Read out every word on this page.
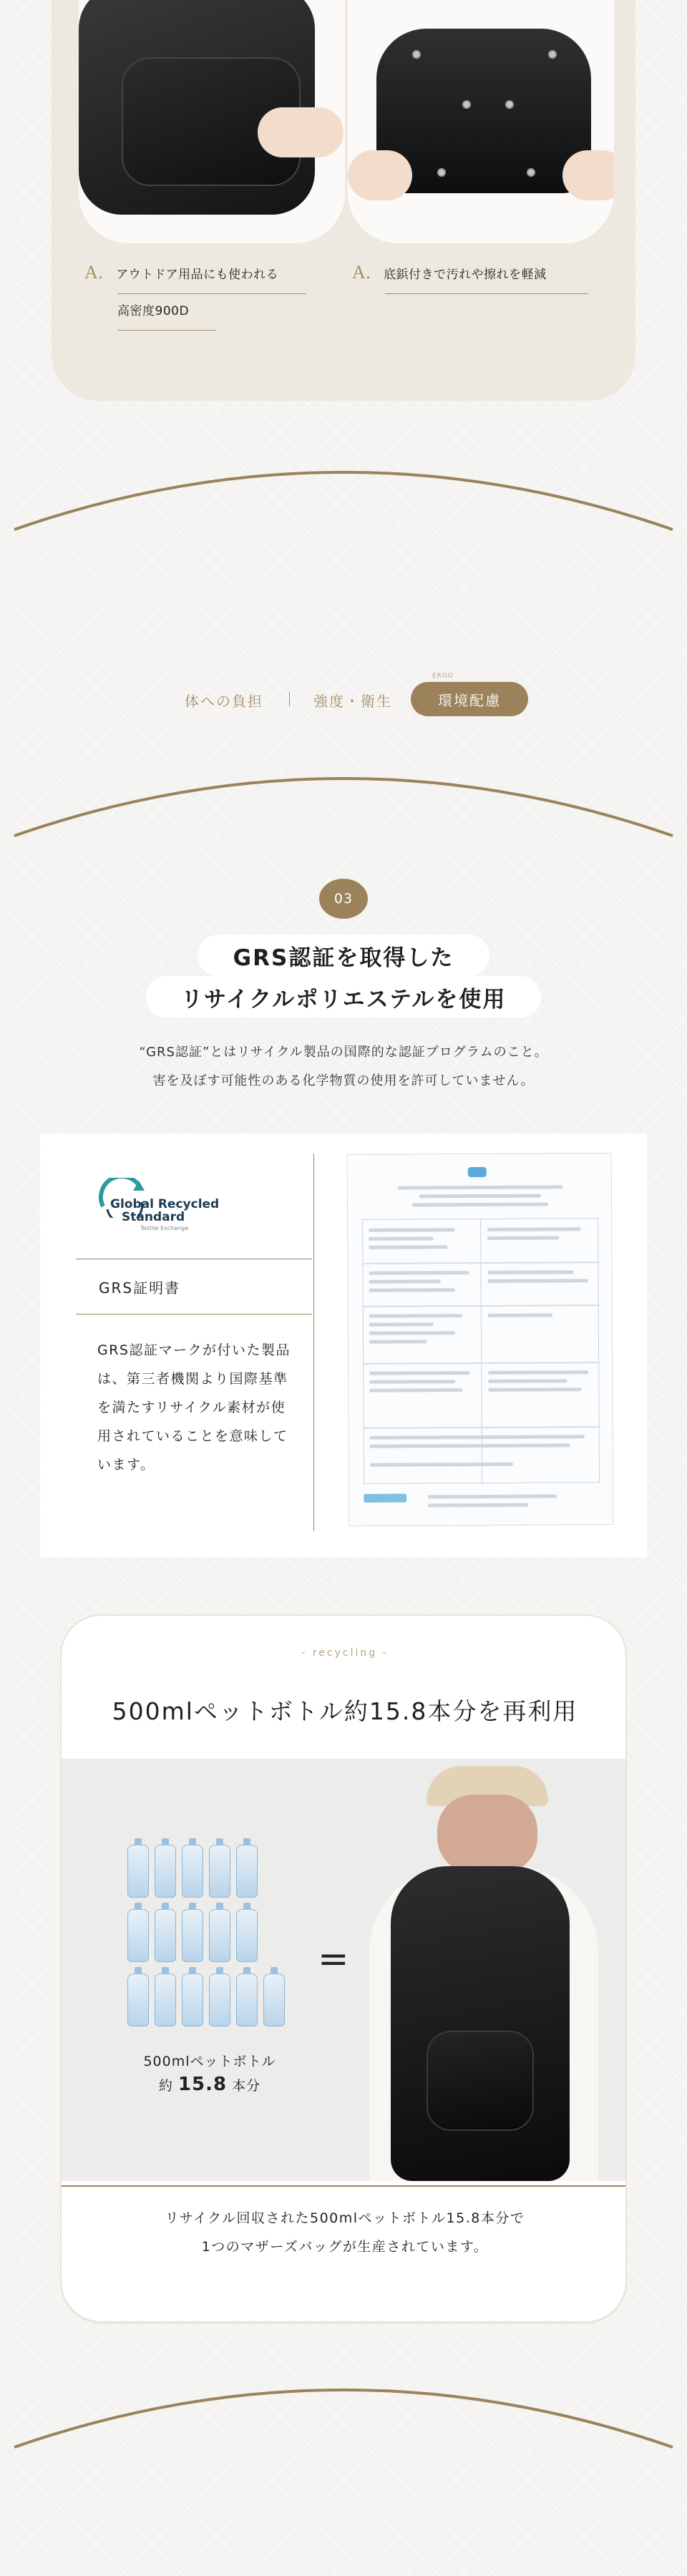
A. アウトドア用品にも使われる
高密度900D
A. 底鋲付きで汚れや擦れを軽減
体への負担	強度・衛生
ERGO
環境配慮
03
GRS認証を取得した
リサイクルポリエステルを使用
“GRS認証”とはリサイクル製品の国際的な認証プログラムのこと。
害を及ぼす可能性のある化学物質の使用を許可していません。
Global Recycled
Standard
Textile Exchange
GRS証明書
GRS認証マークが付いた製品は、第三者機関より国際基準を満たすリサイクル素材が使用されていることを意味しています。
- recycling -
500mlペットボトル約15.8本分を再利用
500mlペットボトル
約 15.8 本分
=
リサイクル回収された500mlペットボトル15.8本分で
1つのマザーズバッグが生産されています。
